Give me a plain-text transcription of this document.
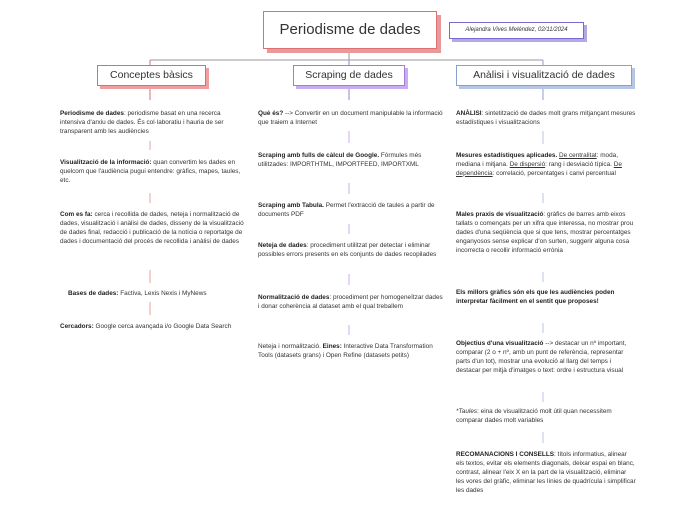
Periodisme de dades	Alejandra Vives Meléndez, 02/11/2024
Conceptes bàsics	Scraping de dades	Anàlisi i visualització de dades
Periodisme de dades: periodisme basat en una recerca intensiva d'arxiu de dades. És col·laboratiu i hauria de ser transparent amb les audiències
Visualització de la informació: quan convertim les dades en quelcom que l'audiència pugui entendre: gràfics, mapes, taules, etc.
Com es fa: cerca i recollida de dades, neteja i normalització de dades, visualització i anàlisi de dades, disseny de la visualització de dades final, redacció i publicació de la notícia o reportatge de dades i documentació del procés de recollida i anàlisi de dades
Bases de dades: Factiva, Lexis Nexis i MyNews
Cercadors: Google cerca avançada i/o Google Data Search
Què és? --> Convertir en un document manipulable la informació que traiem a Internet
Scraping amb fulls de càlcul de Google. Fòrmules més utilitzades: IMPORTHTML, IMPORTFEED, IMPORTXML
Scraping amb Tabula. Permet l'extracció de taules a partir de documents PDF
Neteja de dades: procediment utilitzat per detectar i eliminar possibles errors presents en els conjunts de dades recopilades
Normalització de dades: procediment per homogeneïtzar dades i donar coherència al dataset amb el qual treballem
Neteja i normalització. Eines: Interactive Data Transformation Tools (datasets grans) i Open Refine (datasets petits)
ANÀLISI: sintetització de dades molt grans mitjançant mesures estadístiques i visualitzacions
Mesures estadístiques aplicades. De centralitat: moda, mediana i mitjana. De dispersió: rang i desviació típica. De dependència: correlació, percentatges i canvi percentual
Males praxis de visualització: gràfics de barres amb eixos tallats o començats per un xifra que interessa, no mostrar prou dades d'una seqüència que si que tens, mostrar percentatges enganyosos sense explicar d'on surten, suggerir alguna cosa incorrecta o recollir informació errònia
Els millors gràfics són els que les audiències poden interpretar fàcilment en el sentit que proposes!
Objectius d'una visualització --> destacar un nº important, comparar (2 o + nº, amb un punt de referència, representar parts d'un tot), mostrar una evolució al llarg del temps i destacar per mitjà d'imatges o text: ordre i estructura visual
*Taules: eina de visualització molt útil quan necessitem comparar dades molt variables
RECOMANACIONS I CONSELLS: títols informatius, alinear els textos, evitar els elements diagonals, deixar espai en blanc, contrast, alinear l'eix X en la part de la visualització, eliminar les vores del gràfic, eliminar les línies de quadrícula i simplificar les dades
